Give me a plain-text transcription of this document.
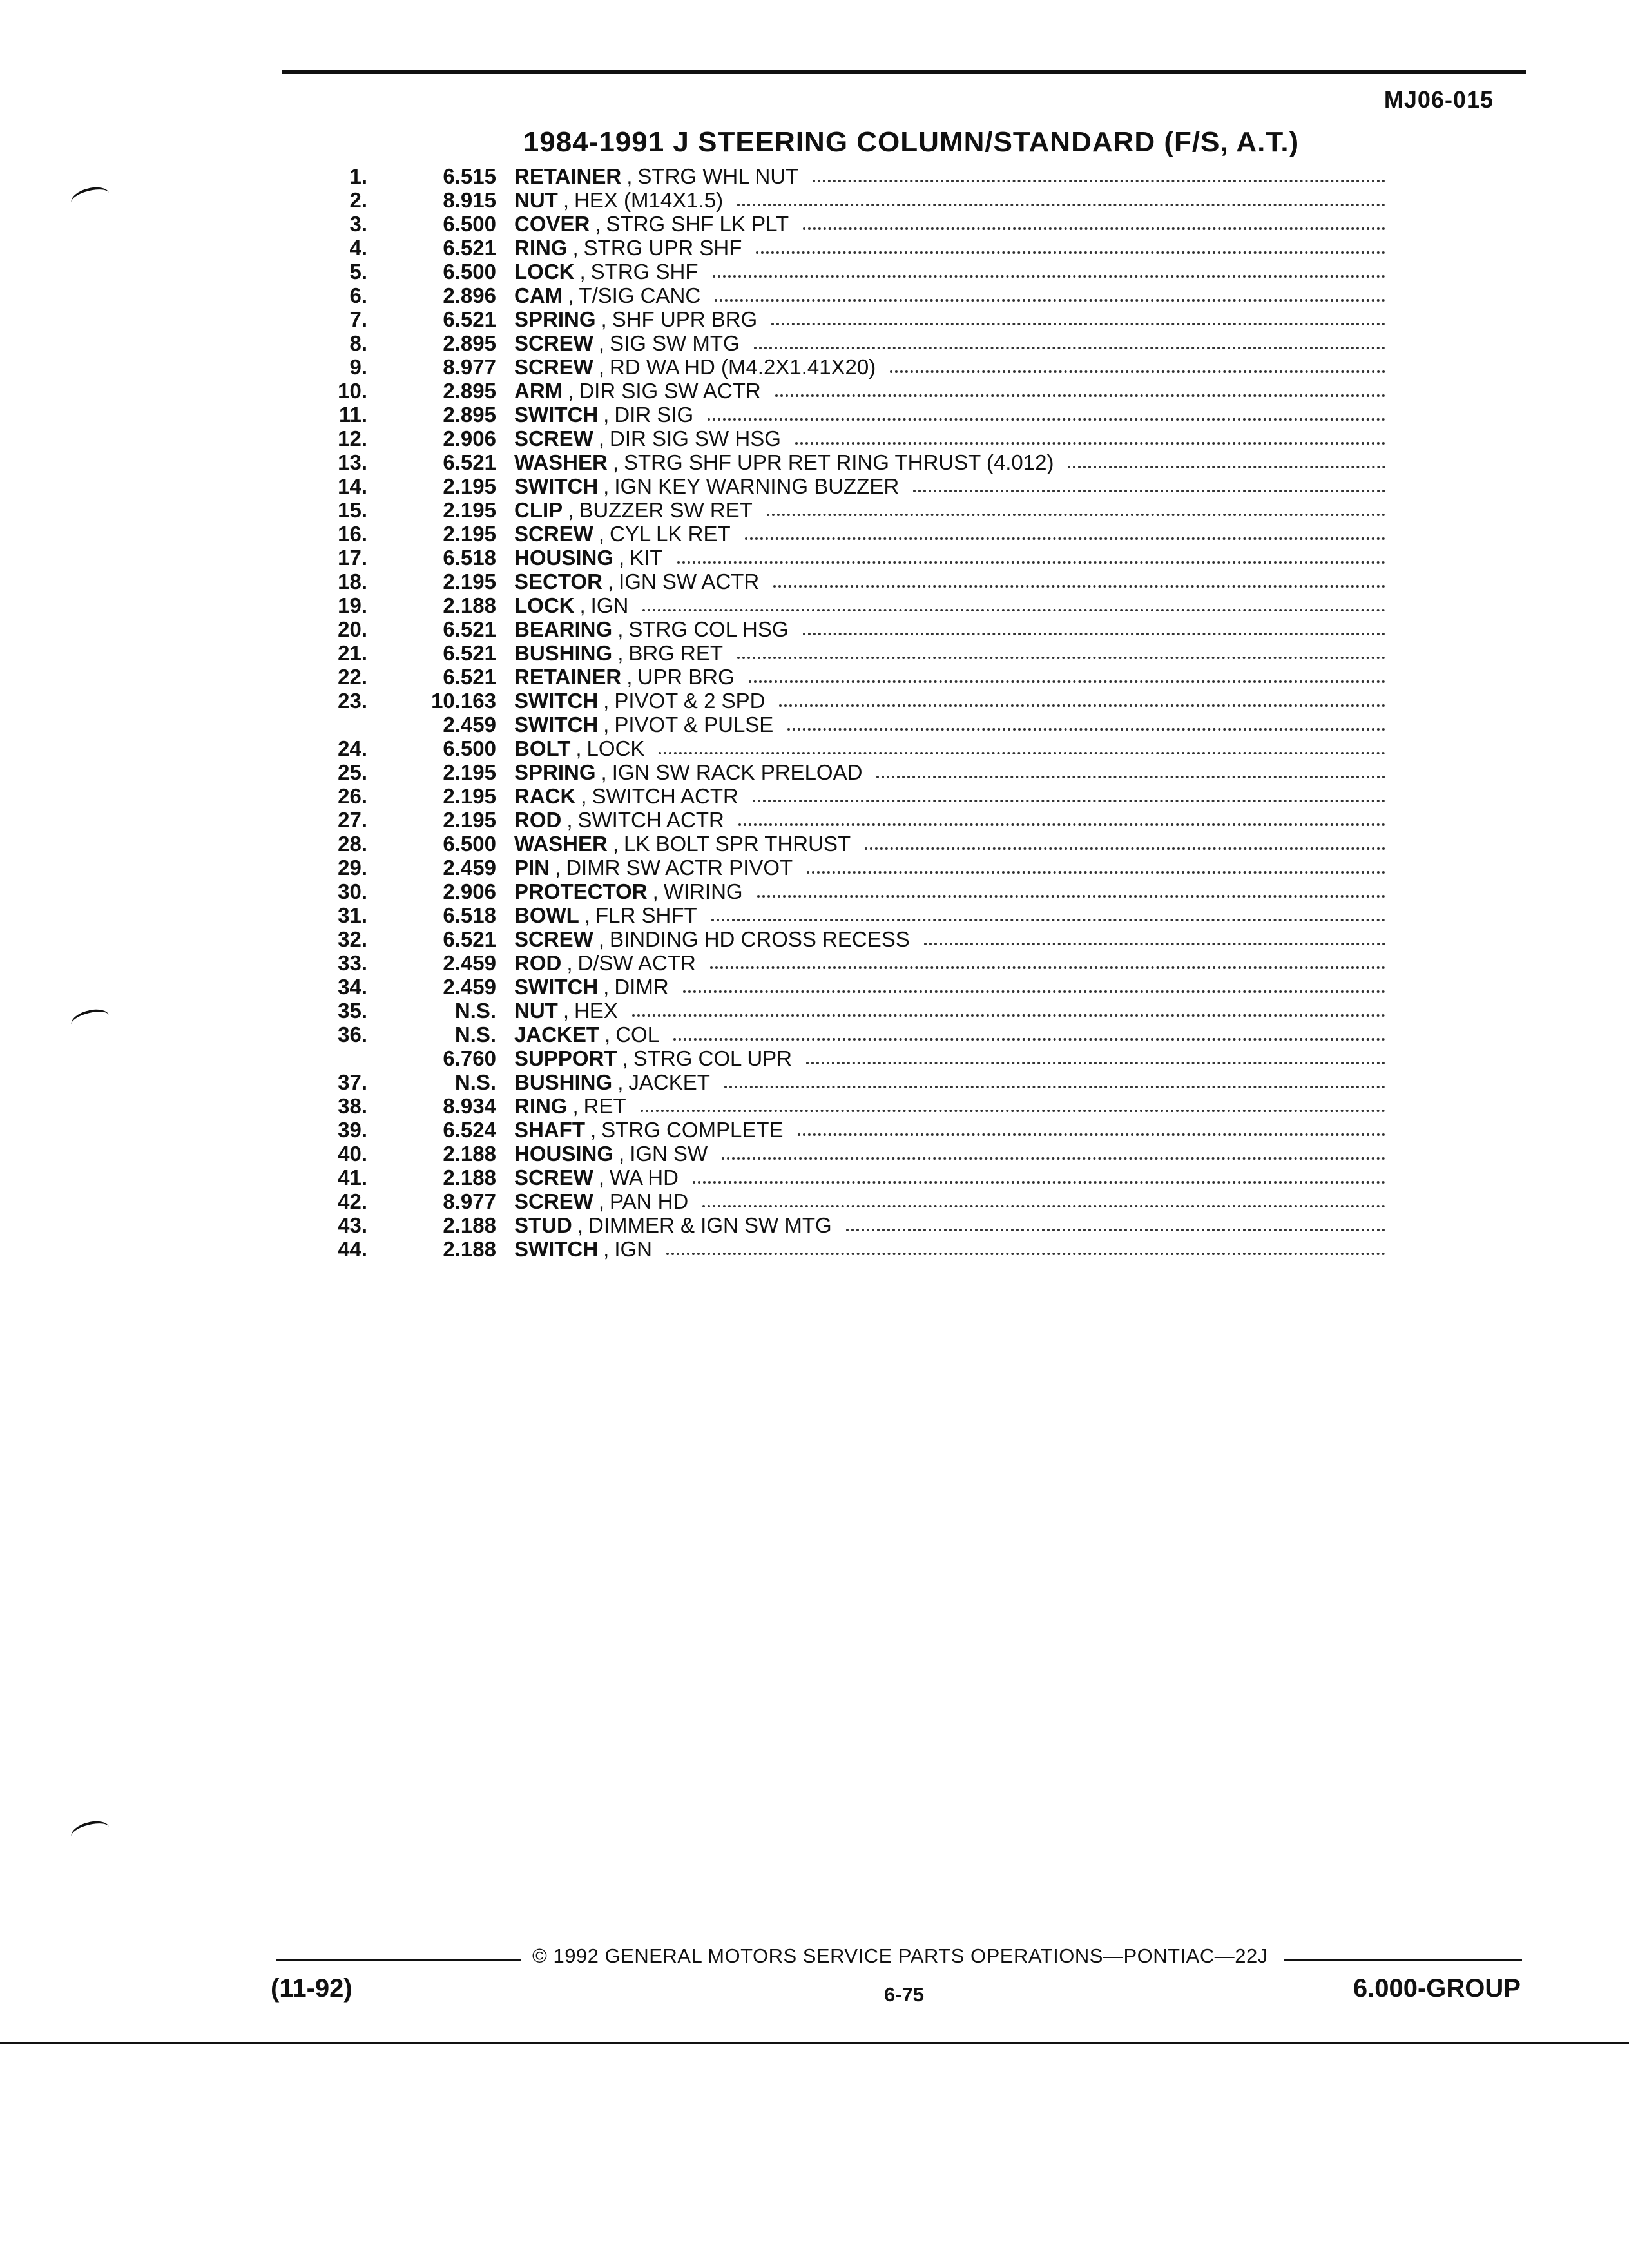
MJ06-015
1984-1991 J STEERING COLUMN/STANDARD (F/S, A.T.)
1.	6.515 RETAINER , STRG WHL NUT
2.	8.915 NUT , HEX (M14X1.5)
3.	6.500 COVER , STRG SHF LK PLT
4.	6.521 RING , STRG UPR SHF
5.	6.500 LOCK , STRG SHF
6.	2.896 CAM , T/SIG CANC
7.	6.521 SPRING , SHF UPR BRG
8.	2.895 SCREW , SIG SW MTG
9.	8.977 SCREW , RD WA HD (M4.2X1.41X20)
10.	2.895 ARM , DIR SIG SW ACTR
11.	2.895 SWITCH , DIR SIG
12.	2.906 SCREW , DIR SIG SW HSG
13.	6.521 WASHER , STRG SHF UPR RET RING THRUST (4.012)
14.	2.195 SWITCH , IGN KEY WARNING BUZZER
15.	2.195 CLIP , BUZZER SW RET
16.	2.195 SCREW , CYL LK RET
17.	6.518 HOUSING , KIT
18.	2.195 SECTOR , IGN SW ACTR
19.	2.188 LOCK , IGN
20.	6.521 BEARING , STRG COL HSG
21.	6.521 BUSHING , BRG RET
22.	6.521 RETAINER , UPR BRG
23.	10.163 SWITCH , PIVOT & 2 SPD
2.459 SWITCH , PIVOT & PULSE
24.	6.500 BOLT , LOCK
25.	2.195 SPRING , IGN SW RACK PRELOAD
26.	2.195 RACK , SWITCH ACTR
27.	2.195 ROD , SWITCH ACTR
28.	6.500 WASHER , LK BOLT SPR THRUST
29.	2.459 PIN , DIMR SW ACTR PIVOT
30.	2.906 PROTECTOR , WIRING
31.	6.518 BOWL , FLR SHFT
32.	6.521 SCREW , BINDING HD CROSS RECESS
33.	2.459 ROD , D/SW ACTR
34.	2.459 SWITCH , DIMR
35.	N.S. NUT , HEX
36.	N.S. JACKET , COL
6.760 SUPPORT , STRG COL UPR
37.	N.S. BUSHING , JACKET
38.	8.934 RING , RET
39.	6.524 SHAFT , STRG COMPLETE
40.	2.188 HOUSING , IGN SW
41.	2.188 SCREW , WA HD
42.	8.977 SCREW , PAN HD
43.	2.188 STUD , DIMMER & IGN SW MTG
44.	2.188 SWITCH , IGN
© 1992 GENERAL MOTORS SERVICE PARTS OPERATIONS—PONTIAC—22J
(11-92)	6-75	6.000-GROUP
